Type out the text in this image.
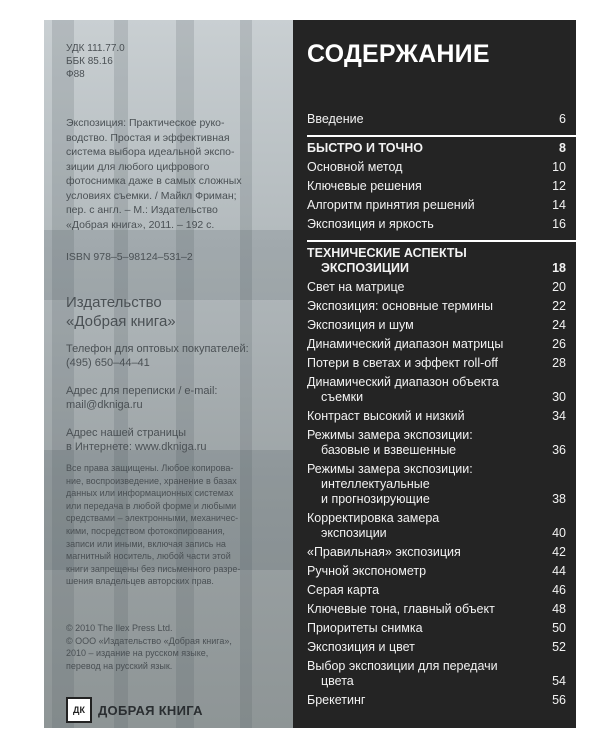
УДК 111.77.0
ББК 85.16
Ф88
Экспозиция: Практическое руко-
водство. Простая и эффективная
система выбора идеальной экспо-
зиции для любого цифрового
фотоснимка даже в самых сложных
условиях съемки. / Майкл Фриман;
пер. с англ. – М.: Издательство
«Добрая книга», 2011. – 192 с.
ISBN 978–5–98124–531–2
Издательство
«Добрая книга»
Телефон для оптовых покупателей:
(495) 650–44–41

Адрес для переписки / e-mail:
mail@dkniga.ru

Адрес нашей страницы
в Интернете: www.dkniga.ru
Все права защищены. Любое копирова-
ние, воспроизведение, хранение в базах
данных или информационных системах
или передача в любой форме и любыми
средствами – электронными, механичес-
кими, посредством фотокопирования,
записи или иными, включая запись на
магнитный носитель, любой части этой
книги запрещены без письменного разре-
шения владельцев авторских прав.
© 2010 The Ilex Press Ltd.
© ООО «Издательство «Добрая книга»,
2010 – издание на русском языке,
перевод на русский язык.
ДК	ДОБРАЯ КНИГА
СОДЕРЖАНИЕ
Введение	6
БЫСТРО И ТОЧНО	8
Основной метод	10
Ключевые решения	12
Алгоритм принятия решений	14
Экспозиция и яркость	16
ТЕХНИЧЕСКИЕ АСПЕКТЫ
ЭКСПОЗИЦИИ	18
Свет на матрице	20
Экспозиция: основные термины	22
Экспозиция и шум	24
Динамический диапазон матрицы	26
Потери в светах и эффект roll-off	28
Динамический диапазон объекта
съемки	30
Контраст высокий и низкий	34
Режимы замера экспозиции:
базовые и взвешенные	36
Режимы замера экспозиции:
интеллектуальные
и прогнозирующие	38
Корректировка замера
экспозиции	40
«Правильная» экспозиция	42
Ручной экспонометр	44
Серая карта	46
Ключевые тона, главный объект	48
Приоритеты снимка	50
Экспозиция и цвет	52
Выбор экспозиции для передачи
цвета	54
Брекетинг	56
